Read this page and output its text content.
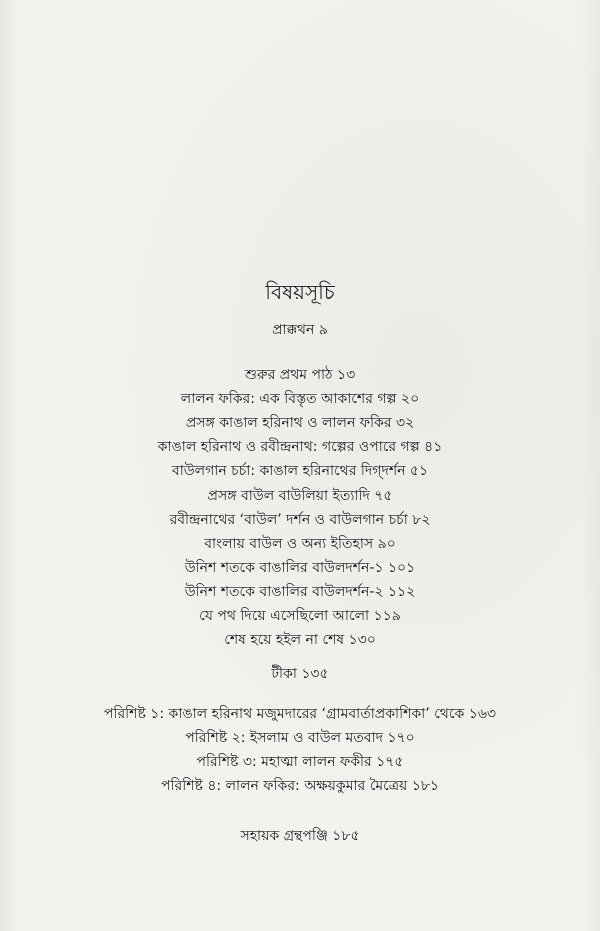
বিষয়সূচি
প্রাক্কথন ৯
শুরুর প্রথম পাঠ ১৩
লালন ফকির: এক বিস্তৃত আকাশের গল্প ২০
প্রসঙ্গ কাঙাল হরিনাথ ও লালন ফকির ৩২
কাঙাল হরিনাথ ও রবীন্দ্রনাথ: গল্পের ওপারে গল্প ৪১
বাউলগান চর্চা: কাঙাল হরিনাথের দিগ্‌দর্শন ৫১
প্রসঙ্গ বাউল বাউলিয়া ইত্যাদি ৭৫
রবীন্দ্রনাথের ‘বাউল’ দর্শন ও বাউলগান চর্চা ৮২
বাংলায় বাউল ও অন্য ইতিহাস ৯০
উনিশ শতকে বাঙালির বাউলদর্শন-১ ১০১
উনিশ শতকে বাঙালির বাউলদর্শন-২ ১১২
যে পথ দিয়ে এসেছিলো আলো ১১৯
শেষ হয়ে হইল না শেষ ১৩০
টীকা ১৩৫
পরিশিষ্ট ১: কাঙাল হরিনাথ মজুমদারের ‘গ্রামবার্তাপ্রকাশিকা’ থেকে ১৬৩
পরিশিষ্ট ২: ইসলাম ও বাউল মতবাদ ১৭০
পরিশিষ্ট ৩: মহাত্মা লালন ফকীর ১৭৫
পরিশিষ্ট ৪: লালন ফকির: অক্ষয়কুমার মৈত্রেয় ১৮১
সহায়ক গ্রন্থপঞ্জি ১৮৫
